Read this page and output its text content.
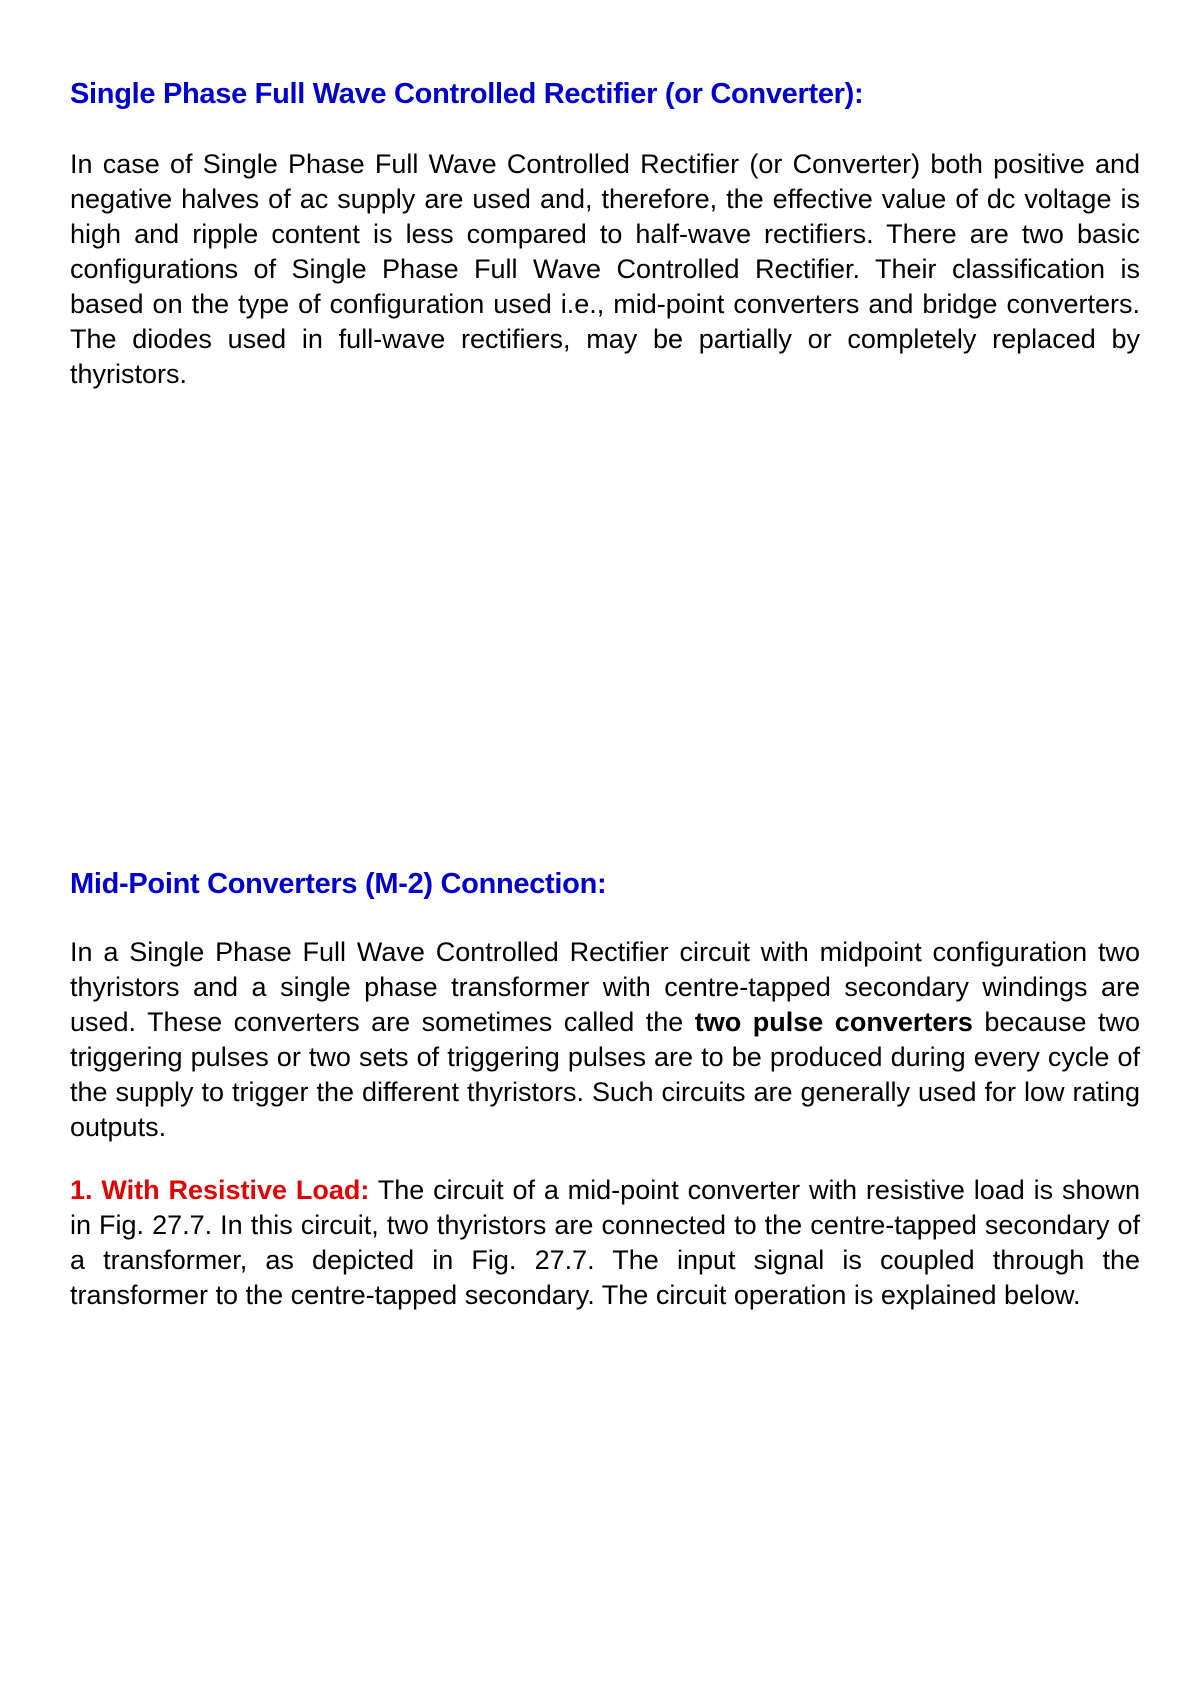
Single Phase Full Wave Controlled Rectifier (or Converter):

In case of Single Phase Full Wave Controlled Rectifier (or Converter) both positive and negative halves of ac supply are used and, therefore, the effective value of dc voltage is high and ripple content is less compared to half-wave rectifiers. There are two basic configurations of Single Phase Full Wave Controlled Rectifier. Their classification is based on the type of configuration used i.e., mid-point converters and bridge converters. The diodes used in full-wave rectifiers, may be partially or completely replaced by thyristors.

Mid-Point Converters (M-2) Connection:

In a Single Phase Full Wave Controlled Rectifier circuit with midpoint configuration two thyristors and a single phase transformer with centre-tapped secondary windings are used. These converters are sometimes called the two pulse converters because two triggering pulses or two sets of triggering pulses are to be produced during every cycle of the supply to trigger the different thyristors. Such circuits are generally used for low rating outputs.

1. With Resistive Load: The circuit of a mid-point converter with resistive load is shown in Fig. 27.7. In this circuit, two thyristors are connected to the centre-tapped secondary of a transformer, as depicted in Fig. 27.7. The input signal is coupled through the transformer to the centre-tapped secondary. The circuit operation is explained below.
